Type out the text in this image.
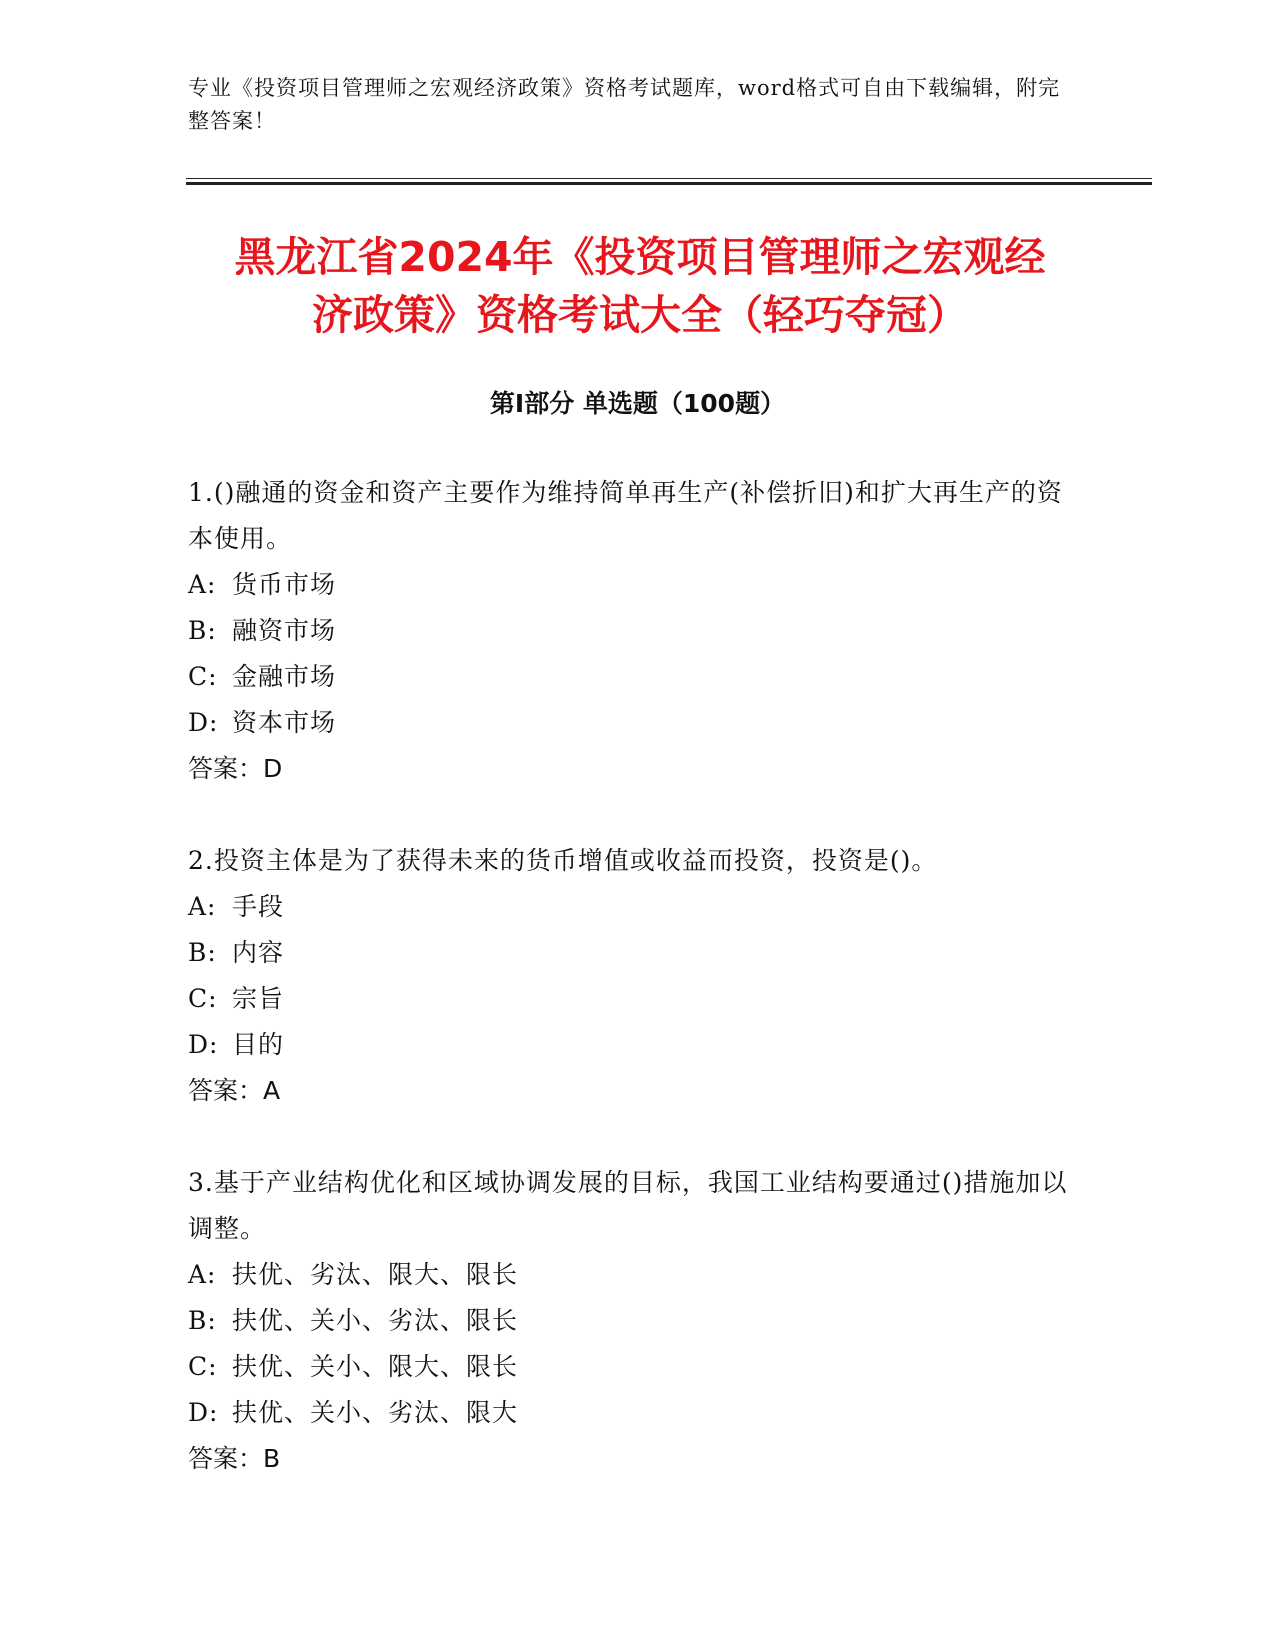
专业《投资项目管理师之宏观经济政策》资格考试题库，word格式可自由下载编辑，附完整答案！
黑龙江省2024年《投资项目管理师之宏观经
济政策》资格考试大全（轻巧夺冠）
第I部分 单选题（100题）
1.()融通的资金和资产主要作为维持简单再生产(补偿折旧)和扩大再生产的资本使用。
A: 货币市场
B: 融资市场
C: 金融市场
D: 资本市场
答案：D
2.投资主体是为了获得未来的货币增值或收益而投资，投资是()。
A: 手段
B: 内容
C: 宗旨
D: 目的
答案：A
3.基于产业结构优化和区域协调发展的目标，我国工业结构要通过()措施加以调整。
A: 扶优、劣汰、限大、限长
B: 扶优、关小、劣汰、限长
C: 扶优、关小、限大、限长
D: 扶优、关小、劣汰、限大
答案：B
